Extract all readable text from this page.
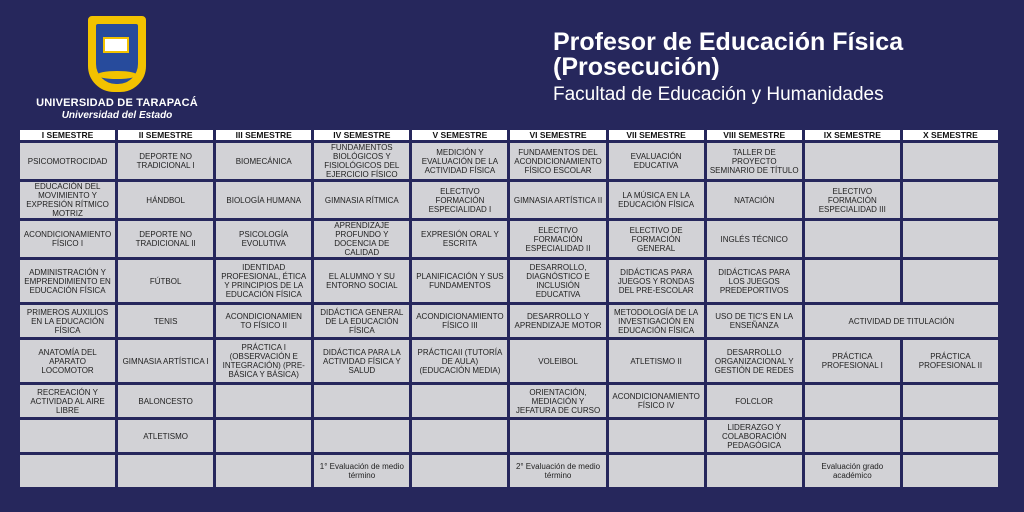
UNIVERSIDAD DE TARAPACÁ
Universidad del Estado
Profesor de Educación Física
(Prosecución)
Facultad de Educación y Humanidades
I SEMESTRE	II SEMESTRE	III SEMESTRE	IV SEMESTRE	V SEMESTRE	VI SEMESTRE	VII SEMESTRE	VIII SEMESTRE	IX SEMESTRE	X SEMESTRE
PSICOMOTROCIDAD	DEPORTE NO TRADICIONAL I	BIOMECÁNICA	FUNDAMENTOS BIOLÓGICOS Y FISIOLÓGICOS DEL EJERCICIO FÍSICO	MEDICIÓN Y EVALUACIÓN DE LA ACTIVIDAD FÍSICA	FUNDAMENTOS DEL ACONDICIONAMIENTO FÍSICO ESCOLAR	EVALUACIÓN EDUCATIVA	TALLER DE PROYECTO SEMINARIO DE TÍTULO		
EDUCACIÓN DEL MOVIMIENTO Y EXPRESIÓN RÍTMICO MOTRIZ	HÁNDBOL	BIOLOGÍA HUMANA	GIMNASIA RÍTMICA	ELECTIVO FORMACIÓN ESPECIALIDAD I	GIMNASIA ARTÍSTICA II	LA MÚSICA EN LA EDUCACIÓN FÍSICA	NATACIÓN	ELECTIVO FORMACIÓN ESPECIALIDAD III	
ACONDICIONAMIENTO FÍSICO I	DEPORTE NO TRADICIONAL II	PSICOLOGÍA EVOLUTIVA	APRENDIZAJE PROFUNDO Y DOCENCIA DE CALIDAD	EXPRESIÓN ORAL Y ESCRITA	ELECTIVO FORMACIÓN ESPECIALIDAD II	ELECTIVO DE FORMACIÓN GENERAL	INGLÉS TÉCNICO		
ADMINISTRACIÓN Y EMPRENDIMIENTO EN EDUCACIÓN FÍSICA	FÚTBOL	IDENTIDAD PROFESIONAL, ÉTICA Y PRINCIPIOS DE LA EDUCACIÓN FÍSICA	EL ALUMNO Y SU ENTORNO SOCIAL	PLANIFICACIÓN Y SUS FUNDAMENTOS	DESARROLLO, DIAGNÓSTICO E INCLUSIÓN EDUCATIVA	DIDÁCTICAS PARA JUEGOS Y RONDAS DEL PRE-ESCOLAR	DIDÁCTICAS PARA LOS JUEGOS PREDEPORTIVOS		
PRIMEROS AUXILIOS EN LA EDUCACIÓN FÍSICA	TENIS	ACONDICIONAMIEN TO FÍSICO II	DIDÁCTICA GENERAL DE LA EDUCACIÓN FÍSICA	ACONDICIONAMIENTO FÍSICO III	DESARROLLO Y APRENDIZAJE MOTOR	METODOLOGÍA DE LA INVESTIGACIÓN EN EDUCACIÓN FÍSICA	USO DE TIC'S EN LA ENSEÑANZA	ACTIVIDAD DE TITULACIÓN	
ANATOMÍA DEL APARATO LOCOMOTOR	GIMNASIA ARTÍSTICA I	PRÁCTICA I (OBSERVACIÓN E INTEGRACIÓN) (PRE-BÁSICA Y BÁSICA)	DIDÁCTICA PARA LA ACTIVIDAD FÍSICA Y SALUD	PRÁCTICAII (TUTORÍA DE AULA) (EDUCACIÓN MEDIA)	VOLEIBOL	ATLETISMO II	DESARROLLO ORGANIZACIONAL Y GESTIÓN DE REDES	PRÁCTICA PROFESIONAL I	PRÁCTICA PROFESIONAL II
RECREACIÓN Y ACTIVIDAD AL AIRE LIBRE	BALONCESTO				ORIENTACIÓN, MEDIACIÓN Y JEFATURA DE CURSO	ACONDICIONAMIENTO FÍSICO IV	FOLCLOR		
	ATLETISMO						LIDERAZGO Y COLABORACIÓN PEDAGÓGICA		
			1° Evaluación de medio término		2° Evaluación de medio término			Evaluación grado académico	
